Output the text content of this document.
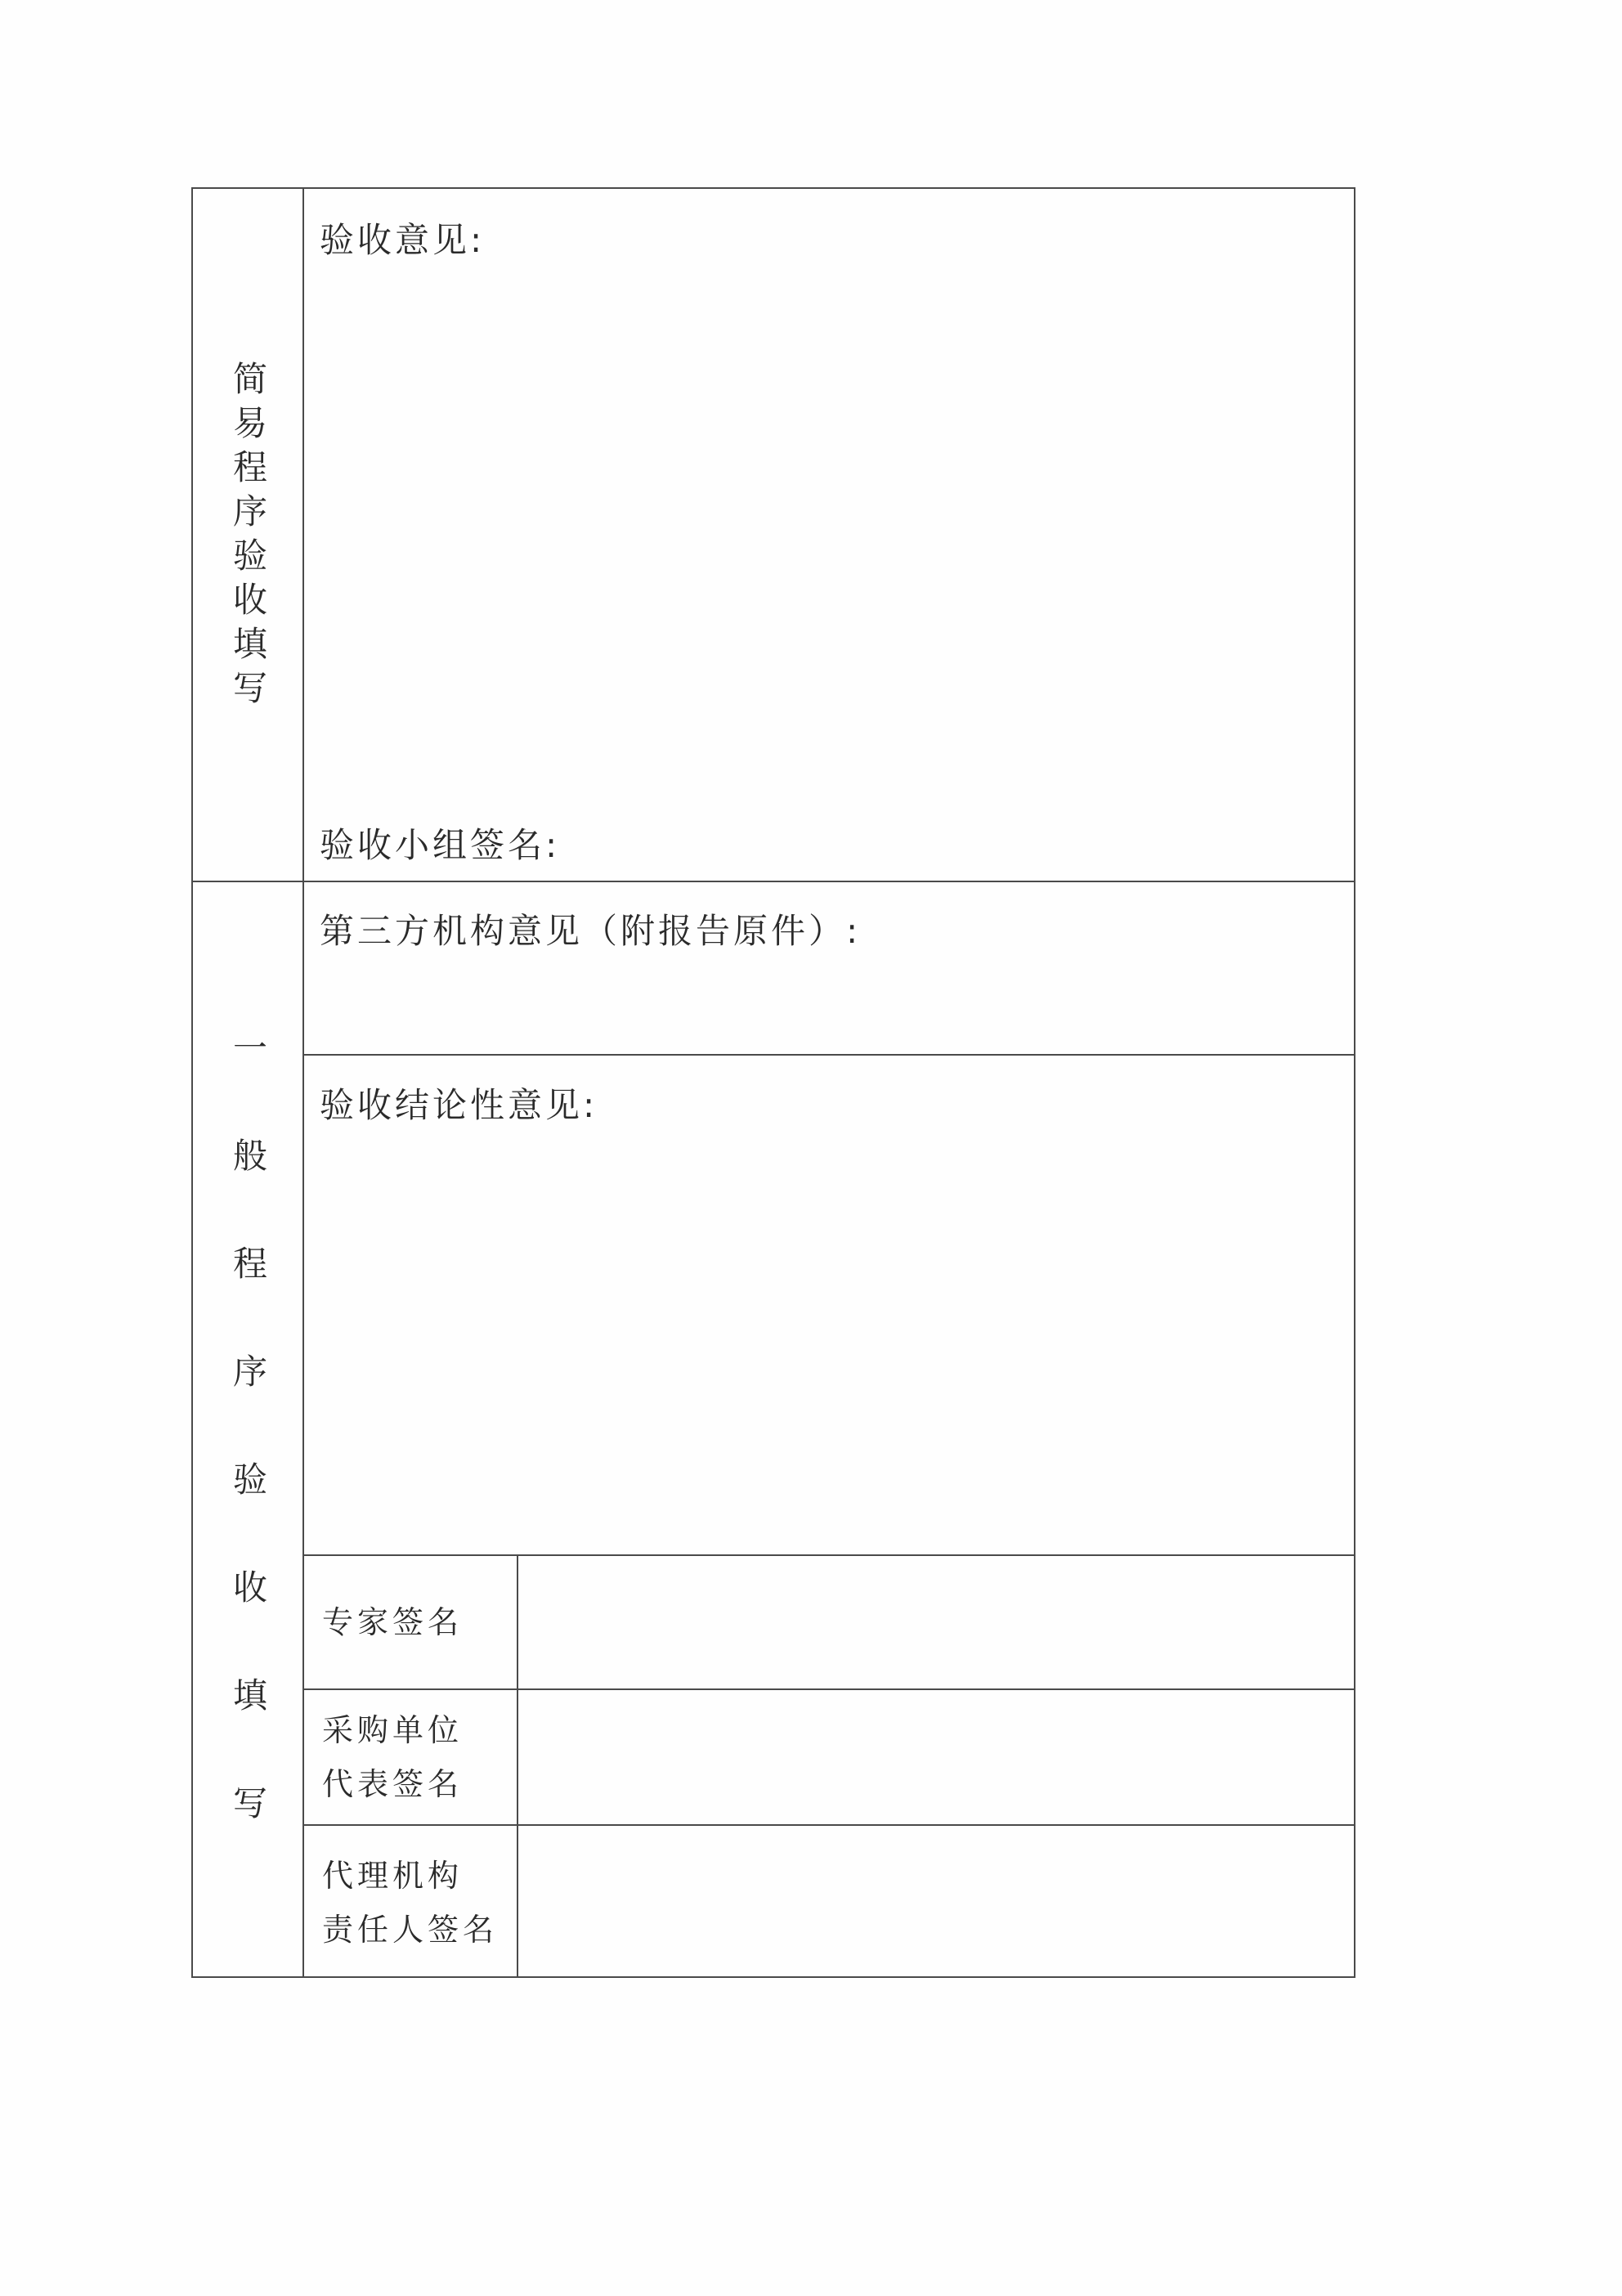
简
易
程
序
验
收
填
写
验收意见:
验收小组签名:
一
般
程
序
验
收
填
写
第三方机构意见（附报告原件）:
验收结论性意见:
专家签名
采购单位
代表签名
代理机构
责任人签名
